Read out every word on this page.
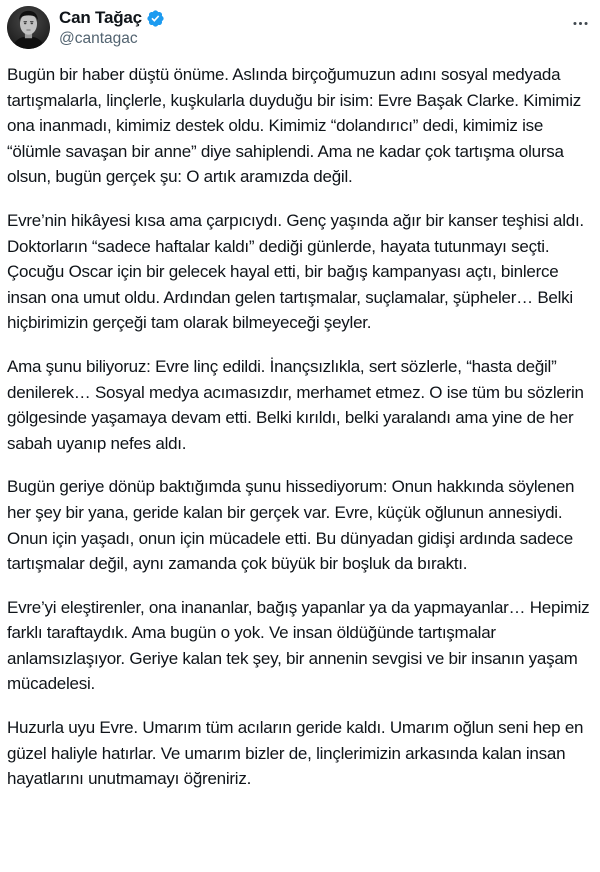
Can Tağaç
@cantagac

Bugün bir haber düştü önüme. Aslında birçoğumuzun adını sosyal medyada tartışmalarla, linçlerle, kuşkularla duyduğu bir isim: Evre Başak Clarke. Kimimiz ona inanmadı, kimimiz destek oldu. Kimimiz “dolandırıcı” dedi, kimimiz ise “ölümle savaşan bir anne” diye sahiplendi. Ama ne kadar çok tartışma olursa olsun, bugün gerçek şu: O artık aramızda değil.

Evre’nin hikâyesi kısa ama çarpıcıydı. Genç yaşında ağır bir kanser teşhisi aldı. Doktorların “sadece haftalar kaldı” dediği günlerde, hayata tutunmayı seçti. Çocuğu Oscar için bir gelecek hayal etti, bir bağış kampanyası açtı, binlerce insan ona umut oldu. Ardından gelen tartışmalar, suçlamalar, şüpheler… Belki hiçbirimizin gerçeği tam olarak bilmeyeceği şeyler.

Ama şunu biliyoruz: Evre linç edildi. İnançsızlıkla, sert sözlerle, “hasta değil” denilerek… Sosyal medya acımasızdır, merhamet etmez. O ise tüm bu sözlerin gölgesinde yaşamaya devam etti. Belki kırıldı, belki yaralandı ama yine de her sabah uyanıp nefes aldı.

Bugün geriye dönüp baktığımda şunu hissediyorum: Onun hakkında söylenen her şey bir yana, geride kalan bir gerçek var. Evre, küçük oğlunun annesiydi. Onun için yaşadı, onun için mücadele etti. Bu dünyadan gidişi ardında sadece tartışmalar değil, aynı zamanda çok büyük bir boşluk da bıraktı.

Evre’yi eleştirenler, ona inananlar, bağış yapanlar ya da yapmayanlar… Hepimiz farklı taraftaydık. Ama bugün o yok. Ve insan öldüğünde tartışmalar anlamsızlaşıyor. Geriye kalan tek şey, bir annenin sevgisi ve bir insanın yaşam mücadelesi.

Huzurla uyu Evre. Umarım tüm acıların geride kaldı. Umarım oğlun seni hep en güzel haliyle hatırlar. Ve umarım bizler de, linçlerimizin arkasında kalan insan hayatlarını unutmamayı öğreniriz.
